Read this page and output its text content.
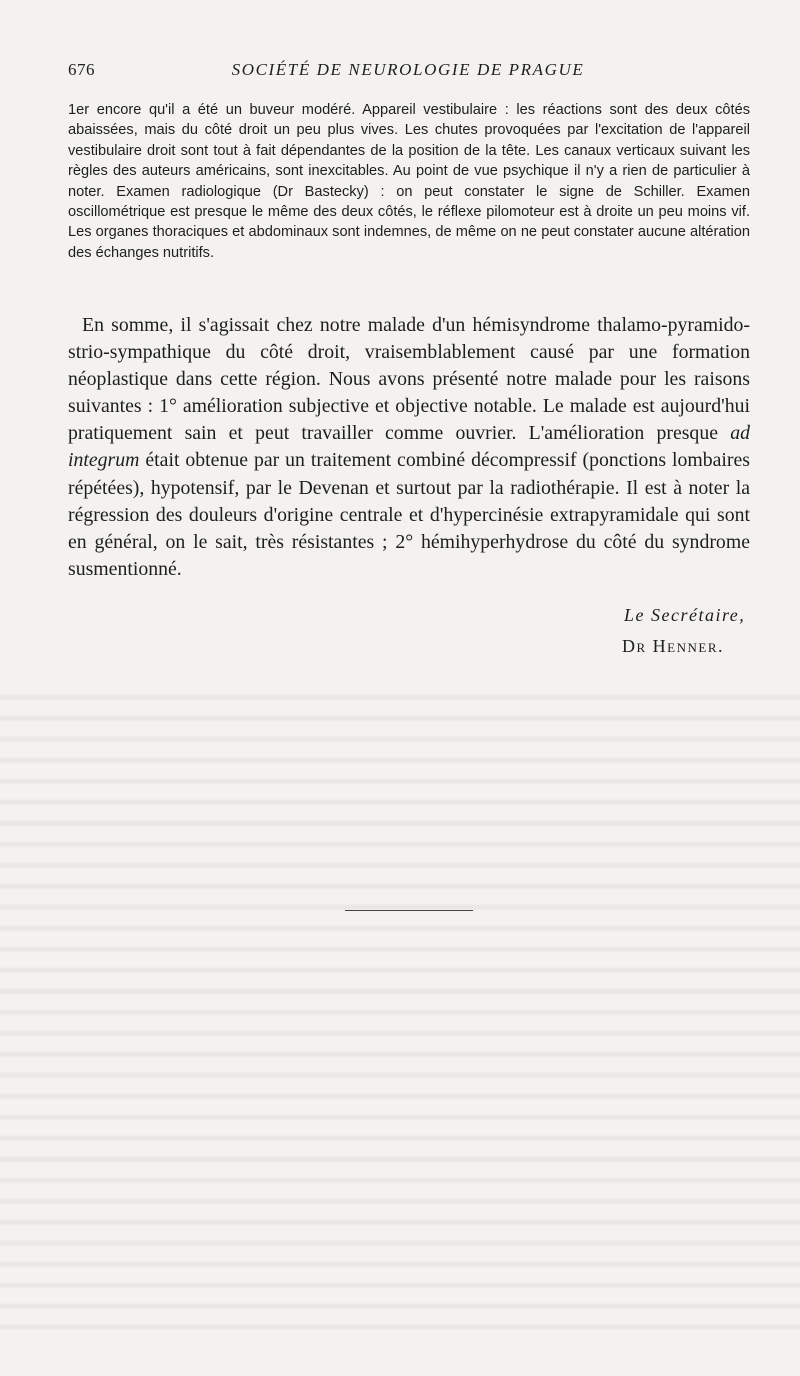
676	SOCIÉTÉ DE NEUROLOGIE DE PRAGUE

1er encore qu'il a été un buveur modéré. Appareil vestibulaire : les réactions sont des deux côtés abaissées, mais du côté droit un peu plus vives. Les chutes provoquées par l'excitation de l'appareil vestibulaire droit sont tout à fait dépendantes de la position de la tête. Les canaux verticaux suivant les règles des auteurs américains, sont inexcitables. Au point de vue psychique il n'y a rien de particulier à noter. Examen radiologique (Dr Bastecky) : on peut constater le signe de Schiller. Examen oscillométrique est presque le même des deux côtés, le réflexe pilomoteur est à droite un peu moins vif. Les organes thoraciques et abdominaux sont indemnes, de même on ne peut constater aucune altération des échanges nutritifs.

En somme, il s'agissait chez notre malade d'un hémisyndrome thalamo-pyramido-strio-sympathique du côté droit, vraisemblablement causé par une formation néoplastique dans cette région. Nous avons présenté notre malade pour les raisons suivantes : 1° amélioration subjective et objective notable. Le malade est aujourd'hui pratiquement sain et peut travailler comme ouvrier. L'amélioration presque ad integrum était obtenue par un traitement combiné décompressif (ponctions lombaires répétées), hypotensif, par le Devenan et surtout par la radiothérapie. Il est à noter la régression des douleurs d'origine centrale et d'hypercinésie extrapyramidale qui sont en général, on le sait, très résistantes ; 2° hémihyperhydrose du côté du syndrome susmentionné.

Le Secrétaire,
Dr Henner.
